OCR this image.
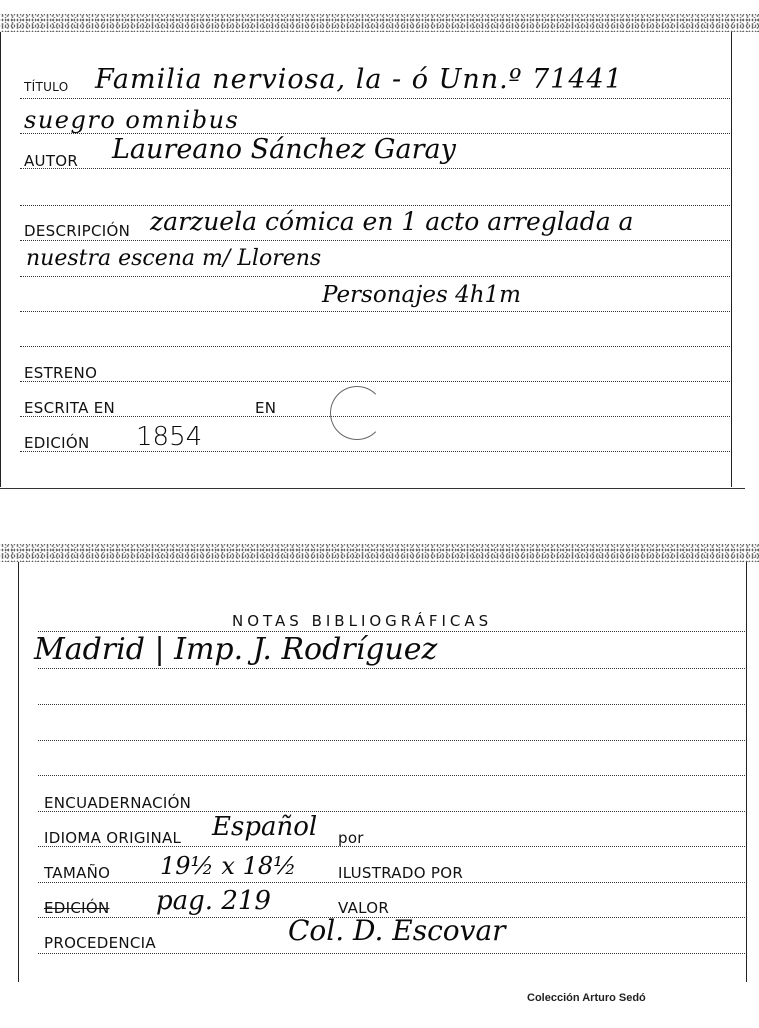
TÍTULO Familia nerviosa, la - ó Unn.º 71441
suegro omnibus
AUTOR Laureano Sánchez Garay
DESCRIPCIÓN zarzuela cómica en 1 acto arreglada a
nuestra escena m/ Llorens
Personajes 4h1m
ESTRENO
ESCRITA EN	EN
EDICIÓN 1854
NOTAS BIBLIOGRÁFICAS
Madrid | Imp. J. Rodríguez
ENCUADERNACIÓN
IDIOMA ORIGINAL Español por
TAMAÑO 19½ x 18½	ILUSTRADO POR
EDICIÓN pag. 219	VALOR
PROCEDENCIA	Col. D. Escovar
Colección Arturo Sedó
